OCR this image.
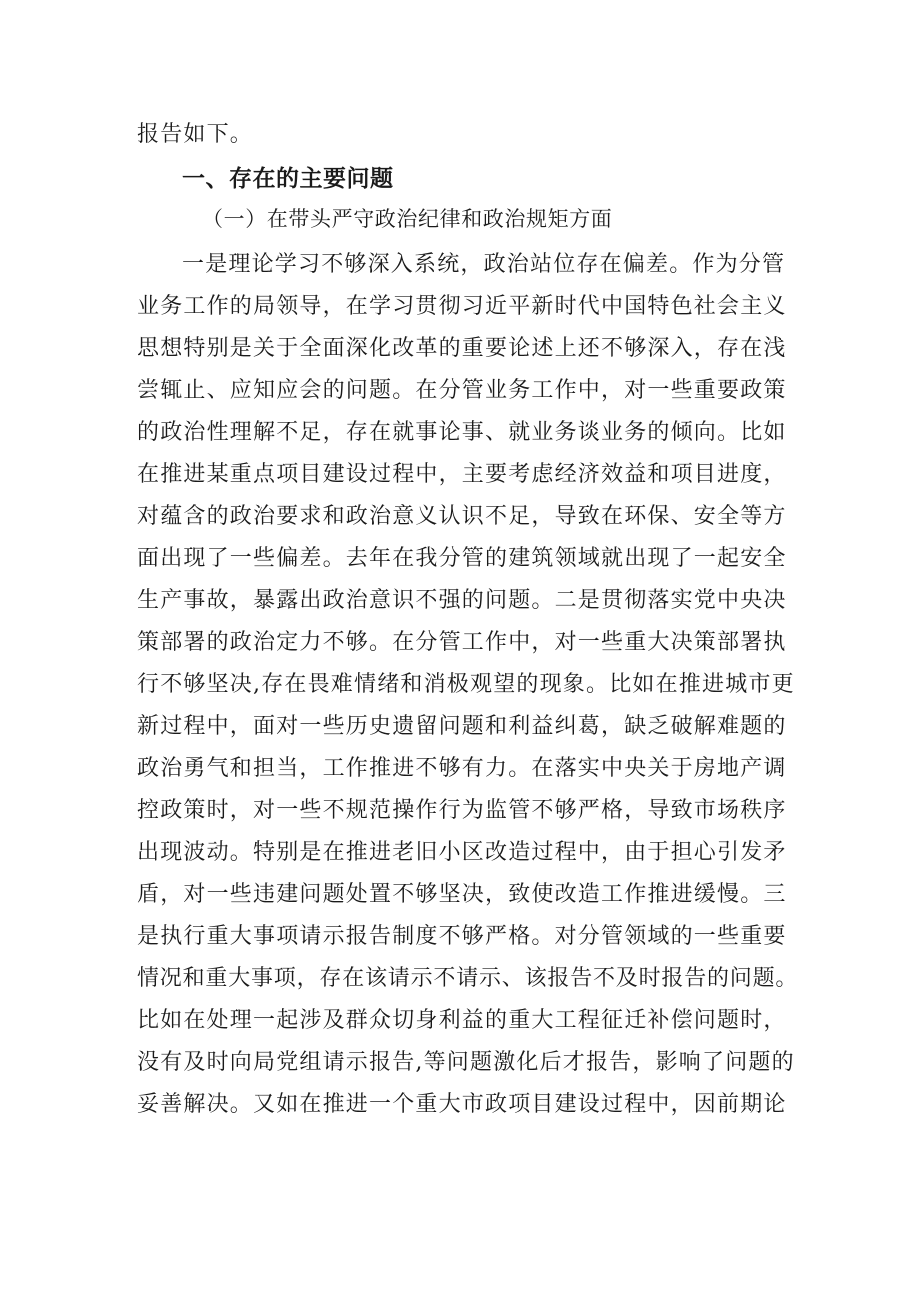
报告如下。
一、存在的主要问题
（一）在带头严守政治纪律和政治规矩方面
一是理论学习不够深入系统，政治站位存在偏差。作为分管
业务工作的局领导，在学习贯彻习近平新时代中国特色社会主义
思想特别是关于全面深化改革的重要论述上还不够深入，存在浅
尝辄止、应知应会的问题。在分管业务工作中，对一些重要政策
的政治性理解不足，存在就事论事、就业务谈业务的倾向。比如
在推进某重点项目建设过程中，主要考虑经济效益和项目进度，
对蕴含的政治要求和政治意义认识不足，导致在环保、安全等方
面出现了一些偏差。去年在我分管的建筑领域就出现了一起安全
生产事故，暴露出政治意识不强的问题。二是贯彻落实党中央决
策部署的政治定力不够。在分管工作中，对一些重大决策部署执
行不够坚决,存在畏难情绪和消极观望的现象。比如在推进城市更
新过程中，面对一些历史遗留问题和利益纠葛，缺乏破解难题的
政治勇气和担当，工作推进不够有力。在落实中央关于房地产调
控政策时，对一些不规范操作行为监管不够严格，导致市场秩序
出现波动。特别是在推进老旧小区改造过程中，由于担心引发矛
盾，对一些违建问题处置不够坚决，致使改造工作推进缓慢。三
是执行重大事项请示报告制度不够严格。对分管领域的一些重要
情况和重大事项，存在该请示不请示、该报告不及时报告的问题。
比如在处理一起涉及群众切身利益的重大工程征迁补偿问题时，
没有及时向局党组请示报告,等问题激化后才报告，影响了问题的
妥善解决。又如在推进一个重大市政项目建设过程中，因前期论
